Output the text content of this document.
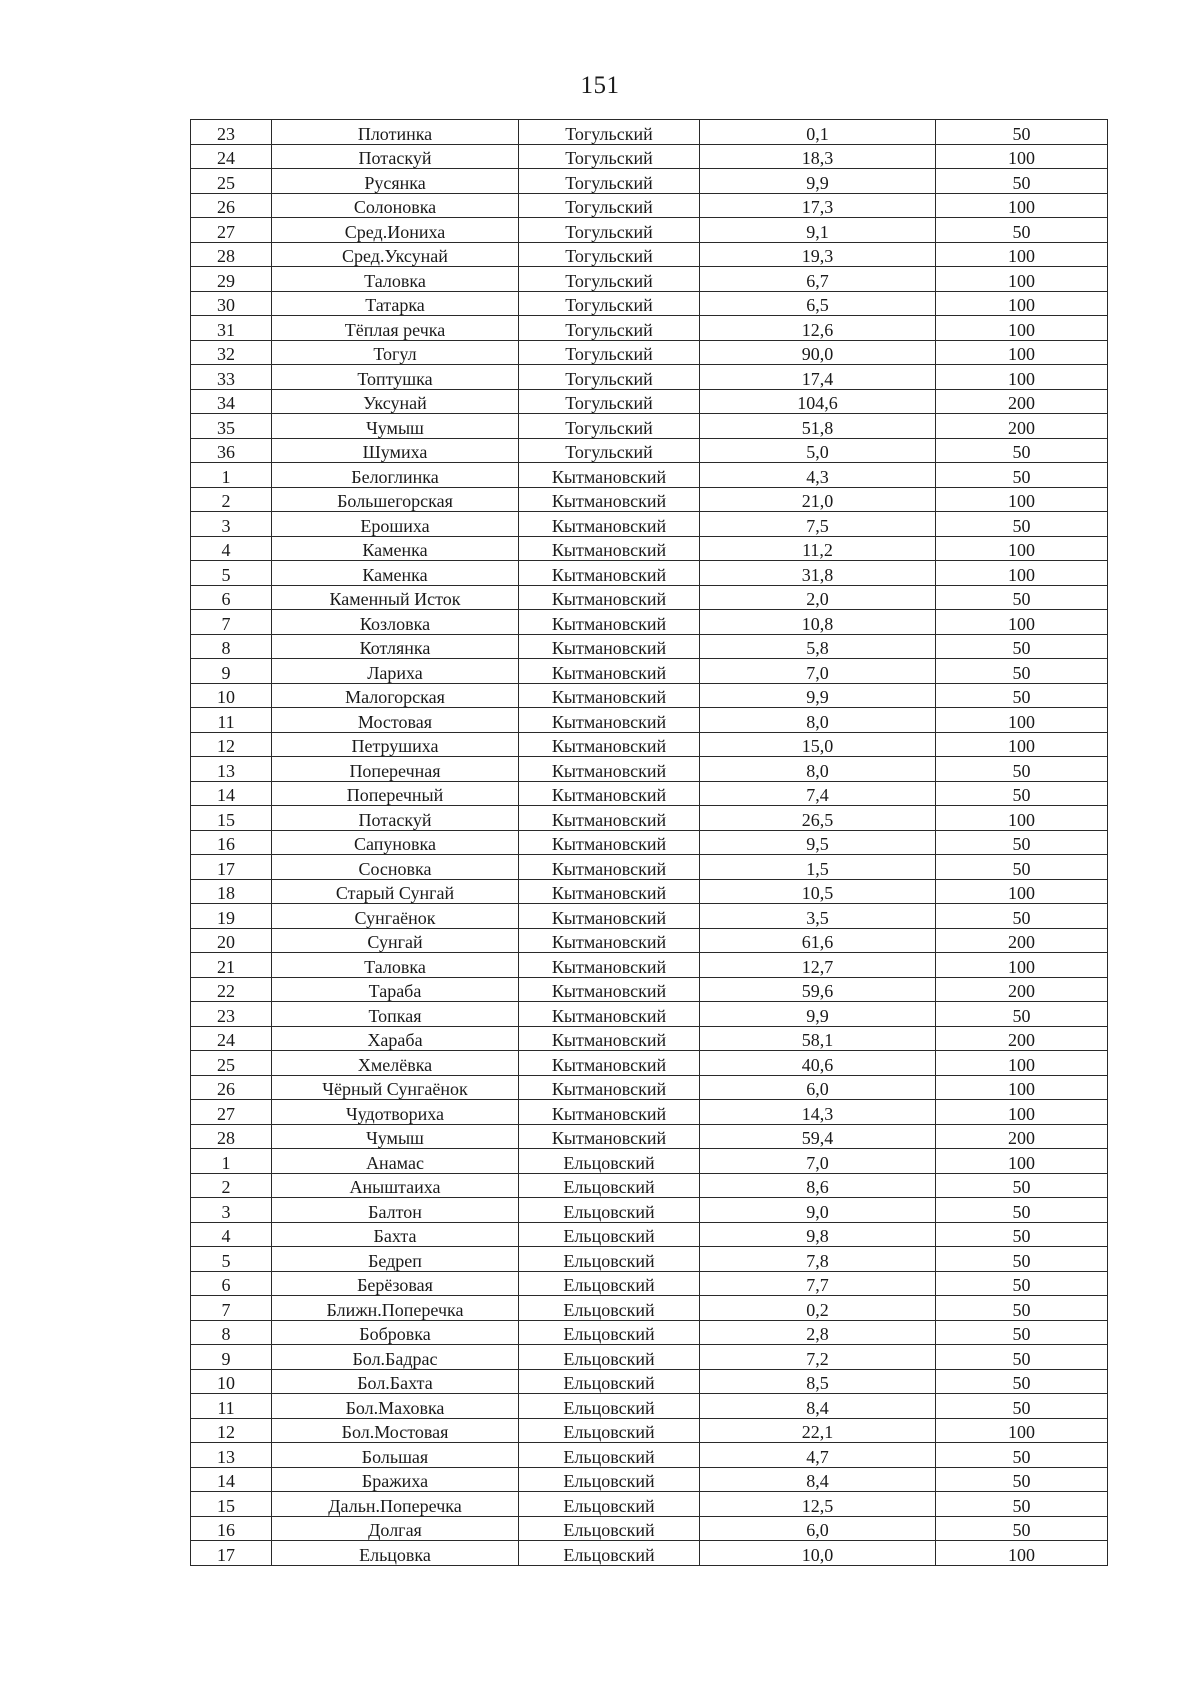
151
23	Плотинка	Тогульский	0,1	50
24	Потаскуй	Тогульский	18,3	100
25	Русянка	Тогульский	9,9	50
26	Солоновка	Тогульский	17,3	100
27	Сред.Иониха	Тогульский	9,1	50
28	Сред.Уксунай	Тогульский	19,3	100
29	Таловка	Тогульский	6,7	100
30	Татарка	Тогульский	6,5	100
31	Тёплая речка	Тогульский	12,6	100
32	Тогул	Тогульский	90,0	100
33	Топтушка	Тогульский	17,4	100
34	Уксунай	Тогульский	104,6	200
35	Чумыш	Тогульский	51,8	200
36	Шумиха	Тогульский	5,0	50
1	Белоглинка	Кытмановский	4,3	50
2	Большегорская	Кытмановский	21,0	100
3	Ерошиха	Кытмановский	7,5	50
4	Каменка	Кытмановский	11,2	100
5	Каменка	Кытмановский	31,8	100
6	Каменный Исток	Кытмановский	2,0	50
7	Козловка	Кытмановский	10,8	100
8	Котлянка	Кытмановский	5,8	50
9	Лариха	Кытмановский	7,0	50
10	Малогорская	Кытмановский	9,9	50
11	Мостовая	Кытмановский	8,0	100
12	Петрушиха	Кытмановский	15,0	100
13	Поперечная	Кытмановский	8,0	50
14	Поперечный	Кытмановский	7,4	50
15	Потаскуй	Кытмановский	26,5	100
16	Сапуновка	Кытмановский	9,5	50
17	Сосновка	Кытмановский	1,5	50
18	Старый Сунгай	Кытмановский	10,5	100
19	Сунгаёнок	Кытмановский	3,5	50
20	Сунгай	Кытмановский	61,6	200
21	Таловка	Кытмановский	12,7	100
22	Тараба	Кытмановский	59,6	200
23	Топкая	Кытмановский	9,9	50
24	Хараба	Кытмановский	58,1	200
25	Хмелёвка	Кытмановский	40,6	100
26	Чёрный Сунгаёнок	Кытмановский	6,0	100
27	Чудотвориха	Кытмановский	14,3	100
28	Чумыш	Кытмановский	59,4	200
1	Анамас	Ельцовский	7,0	100
2	Аныштаиха	Ельцовский	8,6	50
3	Балтон	Ельцовский	9,0	50
4	Бахта	Ельцовский	9,8	50
5	Бедреп	Ельцовский	7,8	50
6	Берёзовая	Ельцовский	7,7	50
7	Ближн.Поперечка	Ельцовский	0,2	50
8	Бобровка	Ельцовский	2,8	50
9	Бол.Бадрас	Ельцовский	7,2	50
10	Бол.Бахта	Ельцовский	8,5	50
11	Бол.Маховка	Ельцовский	8,4	50
12	Бол.Мостовая	Ельцовский	22,1	100
13	Большая	Ельцовский	4,7	50
14	Бражиха	Ельцовский	8,4	50
15	Дальн.Поперечка	Ельцовский	12,5	50
16	Долгая	Ельцовский	6,0	50
17	Ельцовка	Ельцовский	10,0	100
